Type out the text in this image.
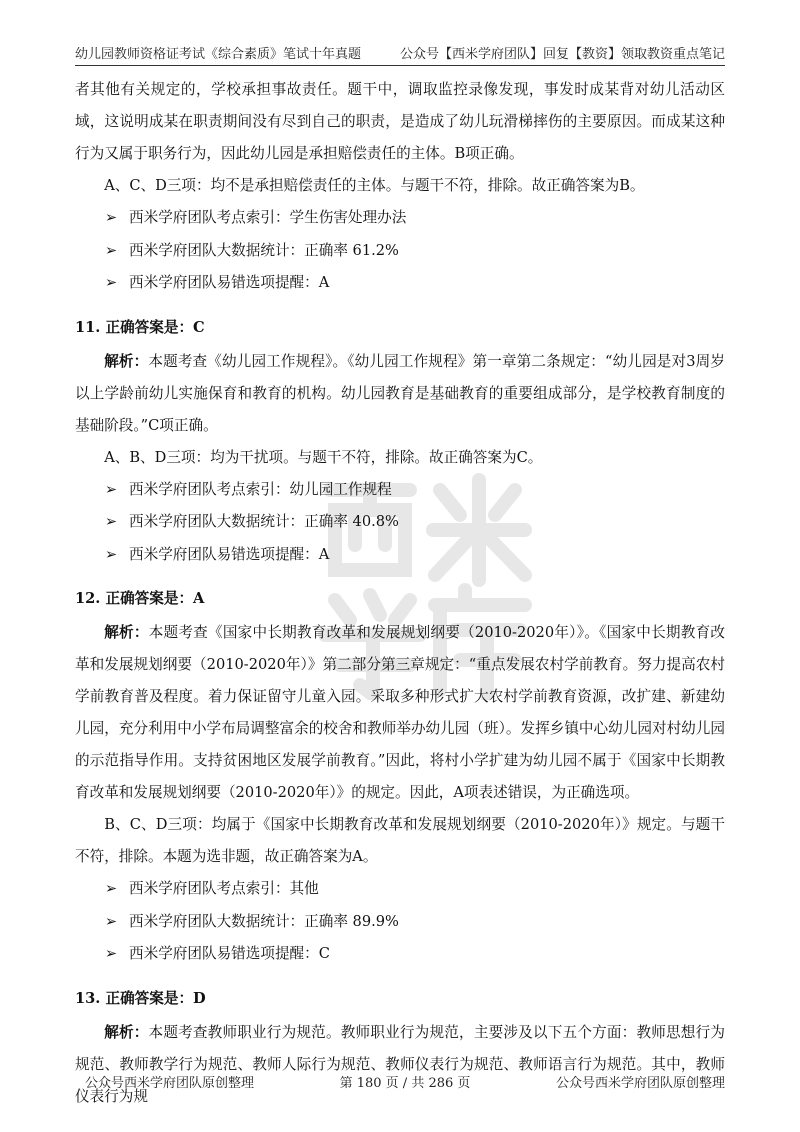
幼儿园教师资格证考试《综合素质》笔试十年真题	公众号【西米学府团队】回复【教资】领取教资重点笔记

者其他有关规定的，学校承担事故责任。题干中，调取监控录像发现，事发时成某背对幼儿活动区域，这说明成某在职责期间没有尽到自己的职责，是造成了幼儿玩滑梯摔伤的主要原因。而成某这种行为又属于职务行为，因此幼儿园是承担赔偿责任的主体。B项正确。

A、C、D三项：均不是承担赔偿责任的主体。与题干不符，排除。故正确答案为B。

➢ 西米学府团队考点索引：学生伤害处理办法
➢ 西米学府团队大数据统计：正确率 61.2%
➢ 西米学府团队易错选项提醒：A
11. 正确答案是：C

解析：本题考查《幼儿园工作规程》。《幼儿园工作规程》第一章第二条规定：“幼儿园是对3周岁以上学龄前幼儿实施保育和教育的机构。幼儿园教育是基础教育的重要组成部分，是学校教育制度的基础阶段。”C项正确。

A、B、D三项：均为干扰项。与题干不符，排除。故正确答案为C。

➢ 西米学府团队考点索引：幼儿园工作规程
➢ 西米学府团队大数据统计：正确率 40.8%
➢ 西米学府团队易错选项提醒：A
12. 正确答案是：A

解析：本题考查《国家中长期教育改革和发展规划纲要（2010-2020年）》。《国家中长期教育改革和发展规划纲要（2010-2020年）》第二部分第三章规定：“重点发展农村学前教育。努力提高农村学前教育普及程度。着力保证留守儿童入园。采取多种形式扩大农村学前教育资源，改扩建、新建幼儿园，充分利用中小学布局调整富余的校舍和教师举办幼儿园（班）。发挥乡镇中心幼儿园对村幼儿园的示范指导作用。支持贫困地区发展学前教育。”因此，将村小学扩建为幼儿园不属于《国家中长期教育改革和发展规划纲要（2010-2020年）》的规定。因此，A项表述错误，为正确选项。

B、C、D三项：均属于《国家中长期教育改革和发展规划纲要（2010-2020年）》规定。与题干不符，排除。本题为选非题，故正确答案为A。

➢ 西米学府团队考点索引：其他
➢ 西米学府团队大数据统计：正确率 89.9%
➢ 西米学府团队易错选项提醒：C
13. 正确答案是：D

解析：本题考查教师职业行为规范。教师职业行为规范，主要涉及以下五个方面：教师思想行为规范、教师教学行为规范、教师人际行为规范、教师仪表行为规范、教师语言行为规范。其中，教师仪表行为规

公众号西米学府团队原创整理	第 180 页 / 共 286 页	公众号西米学府团队原创整理
